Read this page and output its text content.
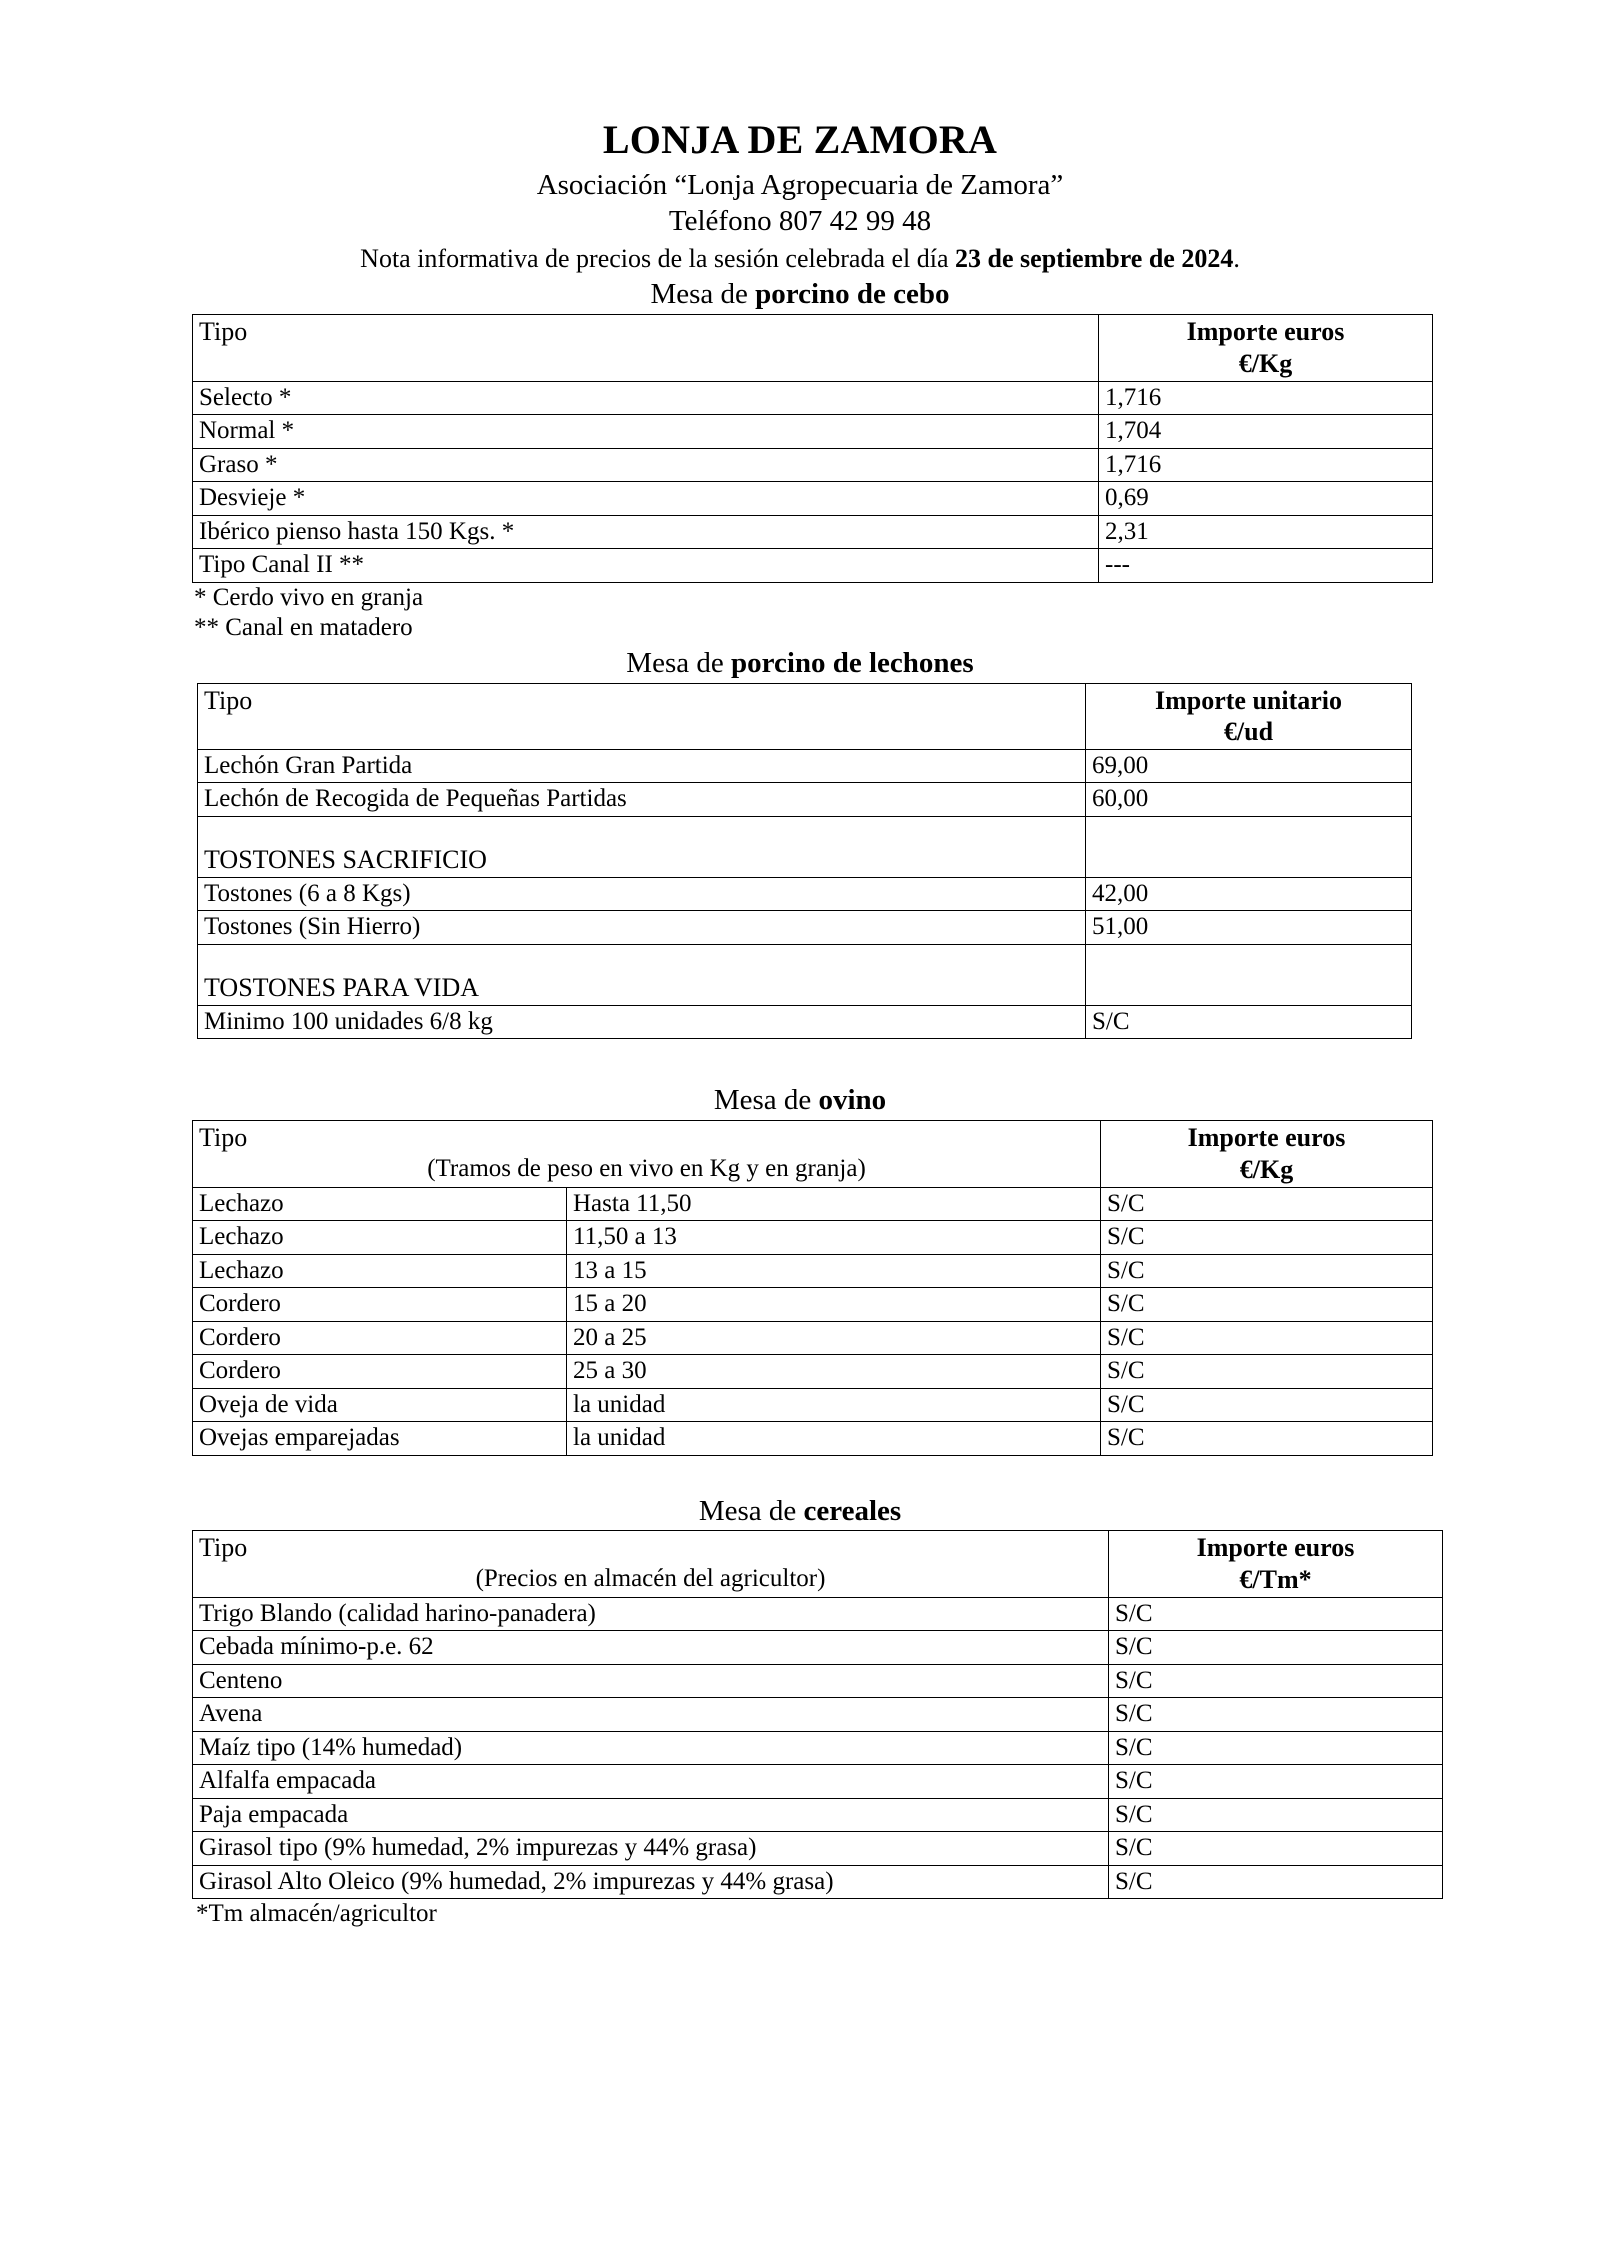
LONJA DE ZAMORA
Asociación “Lonja Agropecuaria de Zamora”
Teléfono 807 42 99 48
Nota informativa de precios de la sesión celebrada el día 23 de septiembre de 2024.
Mesa de porcino de cebo
Tipo	Importe euros
€/Kg

Selecto *	1,716
Normal *	1,704
Graso *	1,716
Desvieje *	0,69
Ibérico pienso hasta 150 Kgs. *	2,31
Tipo Canal II **	---
* Cerdo vivo en granja
** Canal en matadero
Mesa de porcino de lechones
Tipo	Importe unitario
€/ud

Lechón Gran Partida	69,00
Lechón de Recogida de Pequeñas Partidas	60,00
TOSTONES SACRIFICIO	
Tostones (6 a 8 Kgs)	42,00
Tostones (Sin Hierro)	51,00
TOSTONES PARA VIDA	
Minimo 100 unidades 6/8 kg	S/C
Mesa de ovino
Tipo
(Tramos de peso en vivo en Kg y en granja)		Importe euros
€/Kg

Lechazo	Hasta 11,50	S/C
Lechazo	11,50 a 13	S/C
Lechazo	13 a 15	S/C
Cordero	15 a 20	S/C
Cordero	20 a 25	S/C
Cordero	25 a 30	S/C
Oveja de vida	la unidad	S/C
Ovejas emparejadas	la unidad	S/C
Mesa de cereales
Tipo
(Precios en almacén del agricultor)	Importe euros
€/Tm*

Trigo Blando (calidad harino-panadera)	S/C
Cebada mínimo-p.e. 62	S/C
Centeno	S/C
Avena	S/C
Maíz tipo (14% humedad)	S/C
Alfalfa empacada	S/C
Paja empacada	S/C
Girasol tipo (9% humedad, 2% impurezas y 44% grasa)	S/C
Girasol Alto Oleico (9% humedad, 2% impurezas y 44% grasa)	S/C
*Tm almacén/agricultor
